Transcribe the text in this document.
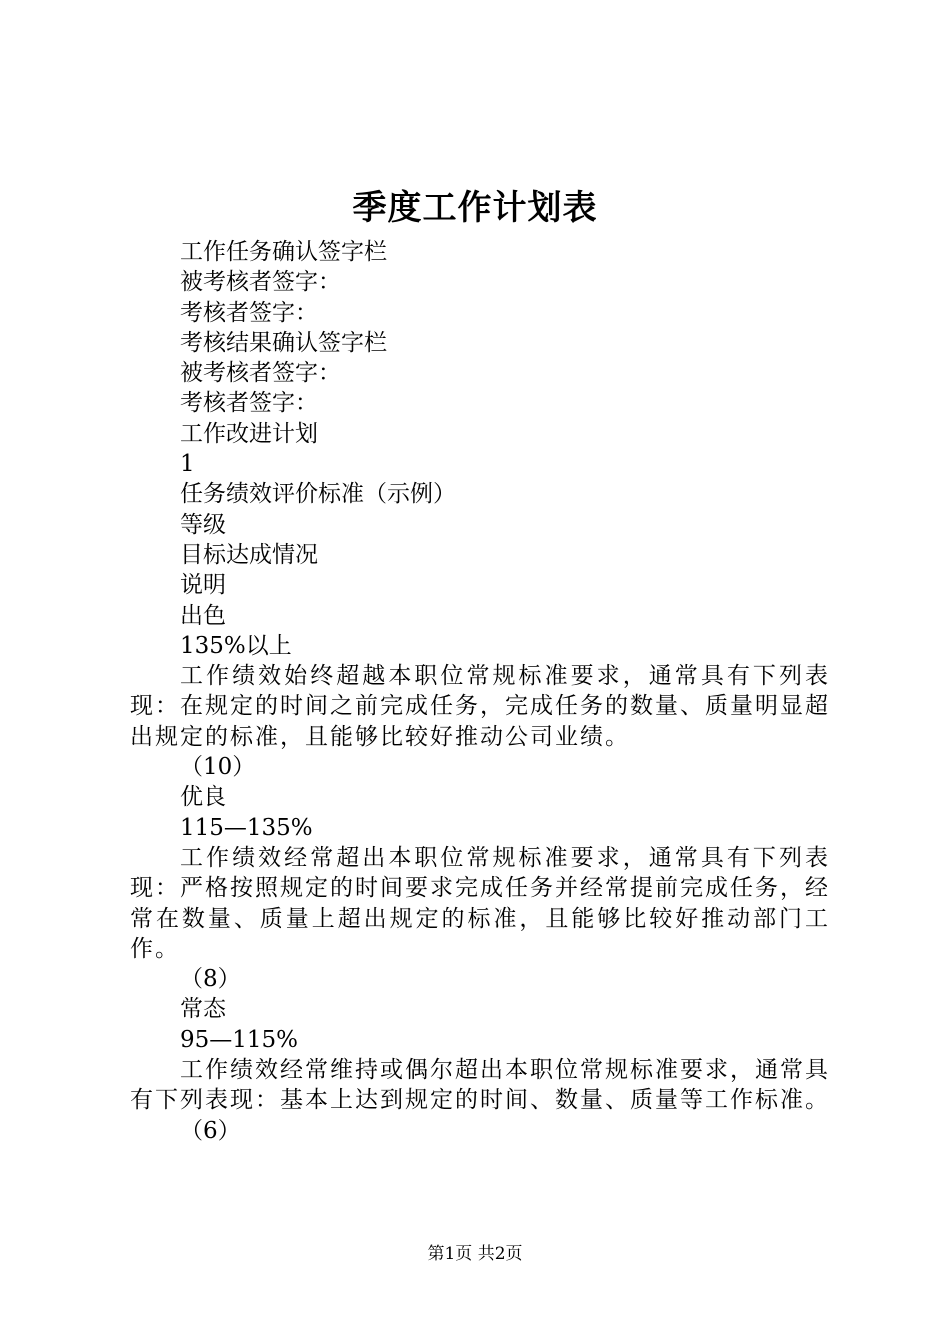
季度工作计划表

工作任务确认签字栏

被考核者签字：

考核者签字：

考核结果确认签字栏

被考核者签字：

考核者签字：

工作改进计划

1

任务绩效评价标准（示例）

等级

目标达成情况

说明

出色

135%以上

工作绩效始终超越本职位常规标准要求，通常具有下列表现：在规定的时间之前完成任务，完成任务的数量、质量明显超出规定的标准，且能够比较好推动公司业绩。

（10）

优良

115—135%

工作绩效经常超出本职位常规标准要求，通常具有下列表现：严格按照规定的时间要求完成任务并经常提前完成任务，经常在数量、质量上超出规定的标准，且能够比较好推动部门工作。

（8）

常态

95—115%

工作绩效经常维持或偶尔超出本职位常规标准要求，通常具有下列表现：基本上达到规定的时间、数量、质量等工作标准。

（6）

第1页 共2页
